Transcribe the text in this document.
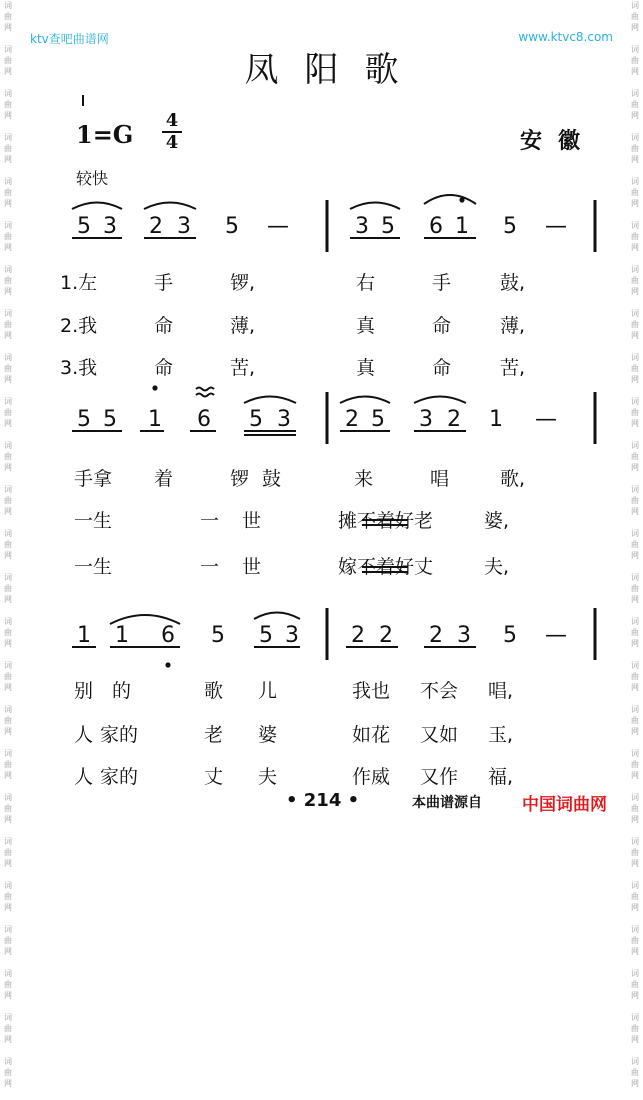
词
曲
网

词
曲
网

词
曲
网

词
曲
网

词
曲
网

词
曲
网

词
曲
网

词
曲
网

词
曲
网

词
曲
网

词
曲
网

词
曲
网

词
曲
网

词
曲
网

词
曲
网

词
曲
网

词
曲
网

词
曲
网

词
曲
网

词
曲
网

词
曲
网

词
曲
网

词
曲
网

词
曲
网

词
曲
网

词
曲
网

词
曲
网

词
曲
网

词
曲
网

词
曲
网

词
曲
网

词
曲
网

词
曲
网

词
曲
网

词
曲
网

词
曲
网

词
曲
网

词
曲
网

词
曲
网

词
曲
网

词
曲
网

词
曲
网

词
曲
网

词
曲
网

词
曲
网

词
曲
网

词
曲
网

词
曲
网

词
曲
网

词
曲
网

ktv查吧曲谱网	www.ktvc8.com
凤阳歌
1=G 4
4	安徽
较快
5 3 2 3 5 —	3 5 6 1 5 —
5 5 1 6 5 3 2 5 3 2 1 —
1 1 6 5 5 3 2 2 2 3 5 —
1.左	手	锣,	右	手	鼓,
2.我	命	薄,	真	命	薄,
3.我	命	苦,	真	命	苦,
手拿 着	锣 鼓	来	唱	歌,
一生	一 世	摊不着好老	婆,
一生	一 世	嫁不着好丈	夫,
别 的	歌 儿	我也 不会 唱,
人 家的	老 婆	如花 又如 玉,
人 家的	丈 夫	作威 又作 福,
• 214 •	本曲谱源自 中国词曲网
